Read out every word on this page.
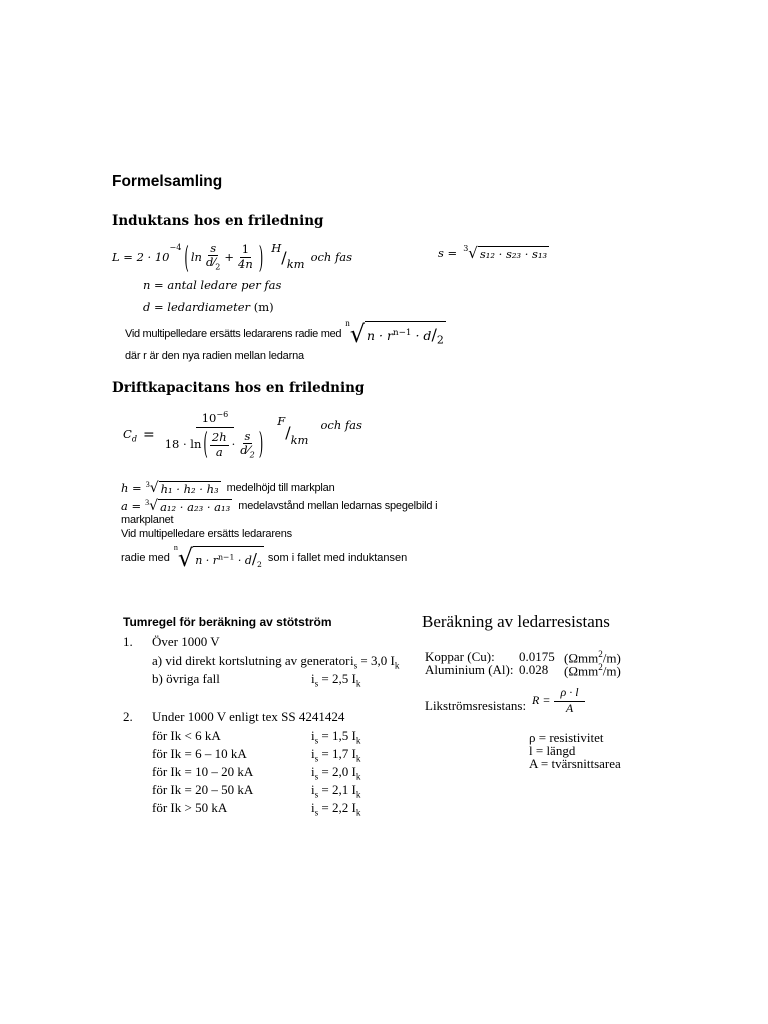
Formelsamling
Induktans hos en friledning
L = 2 · 10
$^{-4}$ ( $\ln \frac{s}{d⁄_2} + \frac{1}{4n}$ ) H / km och fas	s = $^3$ √ s₁₂ · s₂₃ · s₁₃
n = antal ledare per fas
d = ledardiameter (m)
Vid multipelledare ersätts ledararens radie med
n √ $n \cdot r^{n-1} \cdot d/_2$
där r är den nya radien mellan ledarna
Driftkapacitans hos en friledning
$C_d = \frac{10^{-6}}{18 \cdot \ln ( \frac{2h}{a} \cdot \frac{s}{d⁄_2} )}$ F
/ km
och fas
h = $^3$ √ h₁ · h₂ · h₃ medelhöjd till markplan
a = $^3$ √ a₁₂ · a₂₃ · a₁₃ medelavstånd mellan ledarnas spegelbild i
markplanet
Vid multipelledare ersätts ledararens
radie med
n √ $n \cdot r^{n-1} \cdot d/_2$
som i fallet med induktansen
Tumregel för beräkning av stötström
1. Över 1000 V
a) vid direkt kortslutning av generator $i_s = 3,0$ $I_k$
b) övriga fall	$i_s = 2,5$ $I_k$
2. Under 1000 V enligt tex SS 4241424
för Ik < 6 kA	$i_s = 1,5$ $I_k$
för Ik = 6 – 10 kA	$i_s = 1,7$ $I_k$
för Ik = 10 – 20 kA	$i_s = 2,0$ $I_k$
för Ik = 20 – 50 kA	$i_s = 2,1$ $I_k$
för Ik > 50 kA	$i_s = 2,2$ $I_k$
Beräkning av ledarresistans
Koppar (Cu): 0.0175 (Ωmm$^2$/m)
Aluminium (Al): 0.028 (Ωmm$^2$/m)
Likströmsresistans: $R = \frac{\rho \cdot l}{A}$
ρ = resistivitet
l = längd
A = tvärsnittsarea
